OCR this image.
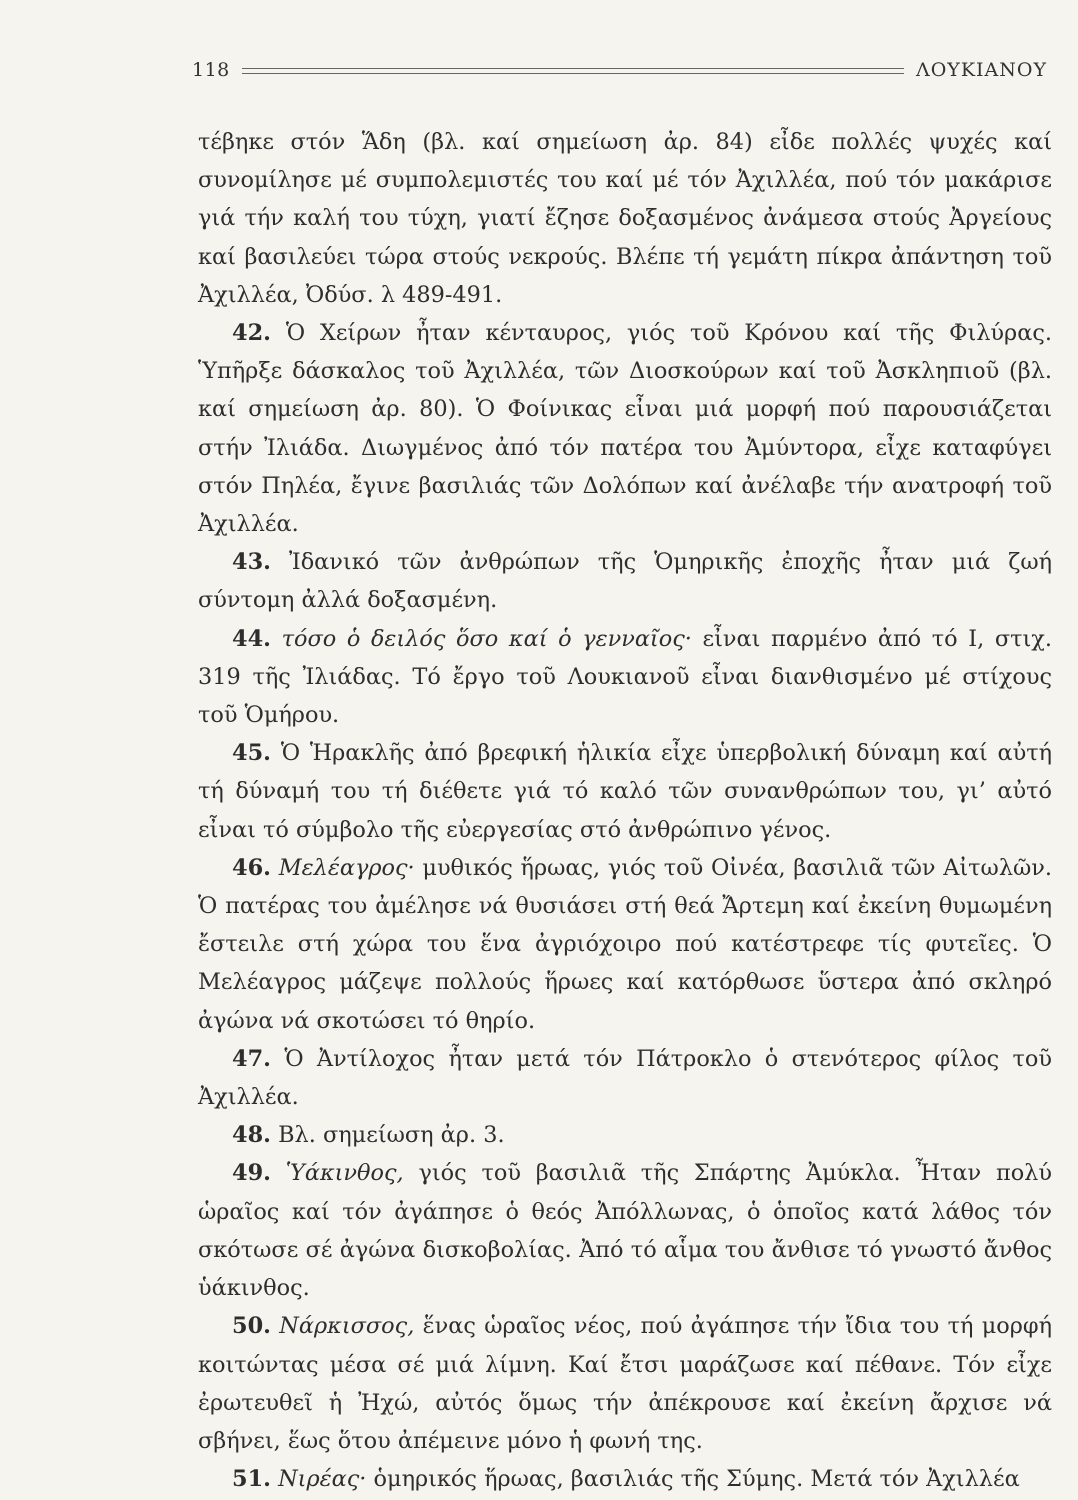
118	ΛΟΥΚΙΑΝΟΥ

τέβηκε στόν Ἅδη (βλ. καί σημείωση ἀρ. 84) εἶδε πολλές ψυχές καί συνομίλησε μέ συμπολεμιστές του καί μέ τόν Ἀχιλλέα, πού τόν μακάρισε γιά τήν καλή του τύχη, γιατί ἔζησε δοξασμένος ἀνάμεσα στούς Ἀργείους καί βασιλεύει τώρα στούς νεκρούς. Βλέπε τή γεμάτη πίκρα ἀπάντηση τοῦ Ἀχιλλέα, Ὀδύσ. λ 489-491.

42. Ὁ Χείρων ἦταν κένταυρος, γιός τοῦ Κρόνου καί τῆς Φιλύρας. Ὑπῆρξε δάσκαλος τοῦ Ἀχιλλέα, τῶν Διοσκούρων καί τοῦ Ἀσκληπιοῦ (βλ. καί σημείωση ἀρ. 80). Ὁ Φοίνικας εἶναι μιά μορφή πού παρουσιάζεται στήν Ἰλιάδα. Διωγμένος ἀπό τόν πατέρα του Ἀμύντορα, εἶχε καταφύγει στόν Πηλέα, ἔγινε βασιλιάς τῶν Δολόπων καί ἀνέλαβε τήν ανατροφή τοῦ Ἀχιλλέα.

43. Ἰδανικό τῶν ἀνθρώπων τῆς Ὁμηρικῆς ἐποχῆς ἦταν μιά ζωή σύντομη ἀλλά δοξασμένη.

44. τόσο ὁ δειλός ὅσο καί ὁ γενναῖος· εἶναι παρμένο ἀπό τό Ι, στιχ. 319 τῆς Ἰλιάδας. Τό ἔργο τοῦ Λουκιανοῦ εἶναι διανθισμένο μέ στίχους τοῦ Ὁμήρου.

45. Ὁ Ἡρακλῆς ἀπό βρεφική ἡλικία εἶχε ὑπερβολική δύναμη καί αὐτή τή δύναμή του τή διέθετε γιά τό καλό τῶν συνανθρώπων του, γι’ αὐτό εἶναι τό σύμβολο τῆς εὐεργεσίας στό ἀνθρώπινο γένος.

46. Μελέαγρος· μυθικός ἥρωας, γιός τοῦ Οἰνέα, βασιλιᾶ τῶν Αἰτωλῶν. Ὁ πατέρας του ἀμέλησε νά θυσιάσει στή θεά Ἄρτεμη καί ἐκείνη θυμωμένη ἔστειλε στή χώρα του ἕνα ἀγριόχοιρο πού κατέστρεφε τίς φυτεῖες. Ὁ Μελέαγρος μάζεψε πολλούς ἥρωες καί κατόρθωσε ὕστερα ἀπό σκληρό ἀγώνα νά σκοτώσει τό θηρίο.

47. Ὁ Ἀντίλοχος ἦταν μετά τόν Πάτροκλο ὁ στενότερος φίλος τοῦ Ἀχιλλέα.

48. Βλ. σημείωση ἀρ. 3.

49. Ὑάκινθος, γιός τοῦ βασιλιᾶ τῆς Σπάρτης Ἀμύκλα. Ἦταν πολύ ὡραῖος καί τόν ἀγάπησε ὁ θεός Ἀπόλλωνας, ὁ ὁποῖος κατά λάθος τόν σκότωσε σέ ἀγώνα δισκοβολίας. Ἀπό τό αἷμα του ἄνθισε τό γνωστό ἄνθος ὑάκινθος.

50. Νάρκισσος, ἕνας ὡραῖος νέος, πού ἀγάπησε τήν ἴδια του τή μορφή κοιτώντας μέσα σέ μιά λίμνη. Καί ἔτσι μαράζωσε καί πέθανε. Τόν εἶχε ἐρωτευθεῖ ἡ Ἠχώ, αὐτός ὅμως τήν ἀπέκρουσε καί ἐκείνη ἄρχισε νά σβήνει, ἕως ὅτου ἀπέμεινε μόνο ἡ φωνή της.

51. Νιρέας· ὁμηρικός ἥρωας, βασιλιάς τῆς Σύμης. Μετά τόν Ἀχιλλέα
